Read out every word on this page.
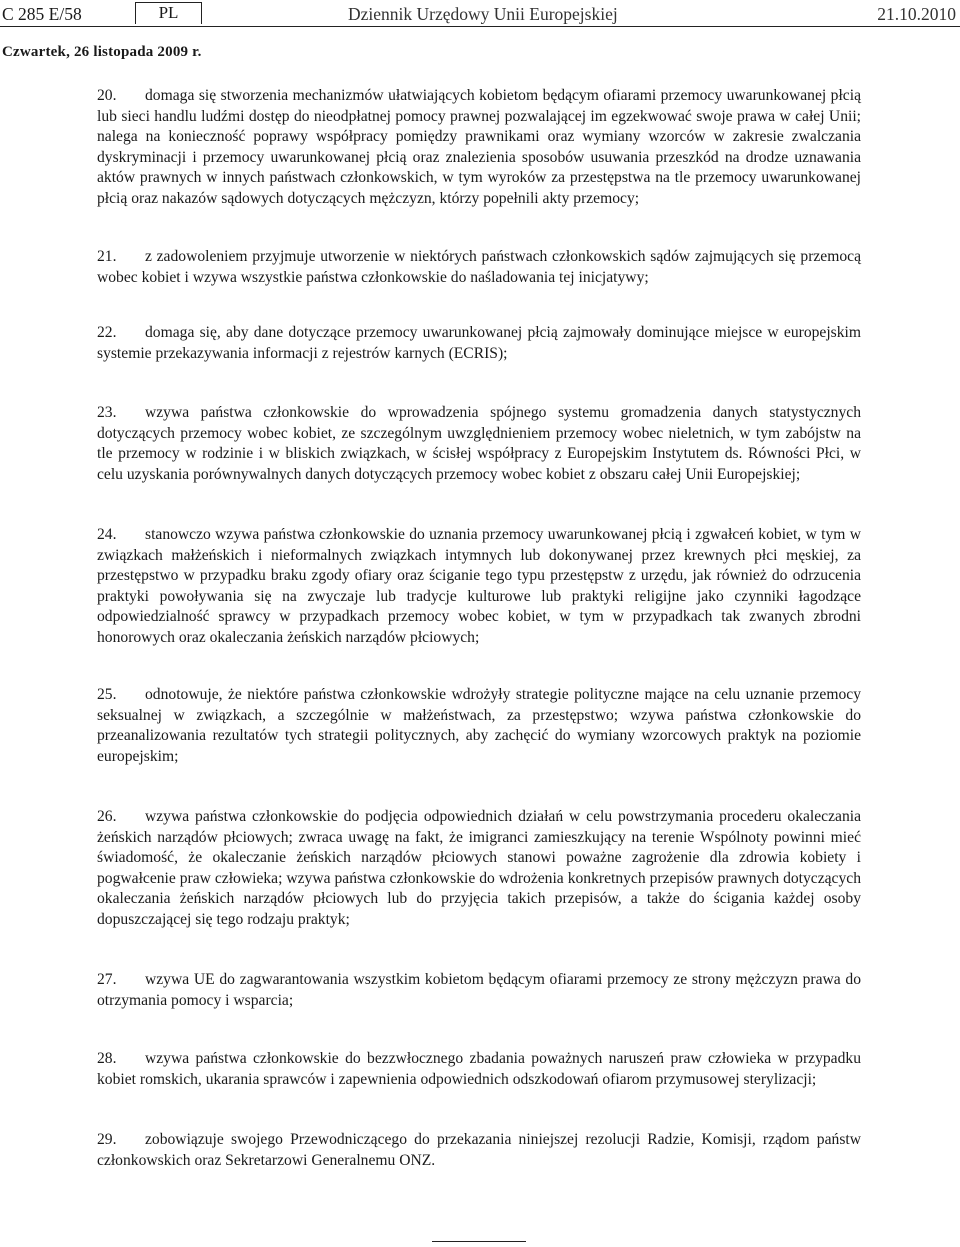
C 285 E/58	PL	Dziennik Urzędowy Unii Europejskiej	21.10.2010
Czwartek, 26 listopada 2009 r.

20. domaga się stworzenia mechanizmów ułatwiających kobietom będącym ofiarami przemocy uwarunkowanej płcią lub sieci handlu ludźmi dostęp do nieodpłatnej pomocy prawnej pozwalającej im egzekwować swoje prawa w całej Unii; nalega na konieczność poprawy współpracy pomiędzy prawnikami oraz wymiany wzorców w zakresie zwalczania dyskryminacji i przemocy uwarunkowanej płcią oraz znalezienia sposobów usuwania przeszkód na drodze uznawania aktów prawnych w innych państwach członkowskich, w tym wyroków za przestępstwa na tle przemocy uwarunkowanej płcią oraz nakazów sądowych dotyczących mężczyzn, którzy popełnili akty przemocy;

21. z zadowoleniem przyjmuje utworzenie w niektórych państwach członkowskich sądów zajmujących się przemocą wobec kobiet i wzywa wszystkie państwa członkowskie do naśladowania tej inicjatywy;

22. domaga się, aby dane dotyczące przemocy uwarunkowanej płcią zajmowały dominujące miejsce w europejskim systemie przekazywania informacji z rejestrów karnych (ECRIS);

23. wzywa państwa członkowskie do wprowadzenia spójnego systemu gromadzenia danych statystycznych dotyczących przemocy wobec kobiet, ze szczególnym uwzględnieniem przemocy wobec nieletnich, w tym zabójstw na tle przemocy w rodzinie i w bliskich związkach, w ścisłej współpracy z Europejskim Instytutem ds. Równości Płci, w celu uzyskania porównywalnych danych dotyczących przemocy wobec kobiet z obszaru całej Unii Europejskiej;

24. stanowczo wzywa państwa członkowskie do uznania przemocy uwarunkowanej płcią i zgwałceń kobiet, w tym w związkach małżeńskich i nieformalnych związkach intymnych lub dokonywanej przez krewnych płci męskiej, za przestępstwo w przypadku braku zgody ofiary oraz ściganie tego typu przestępstw z urzędu, jak również do odrzucenia praktyki powoływania się na zwyczaje lub tradycje kulturowe lub praktyki religijne jako czynniki łagodzące odpowiedzialność sprawcy w przypadkach przemocy wobec kobiet, w tym w przypadkach tak zwanych zbrodni honorowych oraz okaleczania żeńskich narządów płciowych;

25. odnotowuje, że niektóre państwa członkowskie wdrożyły strategie polityczne mające na celu uznanie przemocy seksualnej w związkach, a szczególnie w małżeństwach, za przestępstwo; wzywa państwa członkowskie do przeanalizowania rezultatów tych strategii politycznych, aby zachęcić do wymiany wzorcowych praktyk na poziomie europejskim;

26. wzywa państwa członkowskie do podjęcia odpowiednich działań w celu powstrzymania procederu okaleczania żeńskich narządów płciowych; zwraca uwagę na fakt, że imigranci zamieszkujący na terenie Wspólnoty powinni mieć świadomość, że okaleczanie żeńskich narządów płciowych stanowi poważne zagrożenie dla zdrowia kobiety i pogwałcenie praw człowieka; wzywa państwa członkowskie do wdrożenia konkretnych przepisów prawnych dotyczących okaleczania żeńskich narządów płciowych lub do przyjęcia takich przepisów, a także do ścigania każdej osoby dopuszczającej się tego rodzaju praktyk;

27. wzywa UE do zagwarantowania wszystkim kobietom będącym ofiarami przemocy ze strony mężczyzn prawa do otrzymania pomocy i wsparcia;

28. wzywa państwa członkowskie do bezzwłocznego zbadania poważnych naruszeń praw człowieka w przypadku kobiet romskich, ukarania sprawców i zapewnienia odpowiednich odszkodowań ofiarom przymusowej sterylizacji;

29. zobowiązuje swojego Przewodniczącego do przekazania niniejszej rezolucji Radzie, Komisji, rządom państw członkowskich oraz Sekretarzowi Generalnemu ONZ.
